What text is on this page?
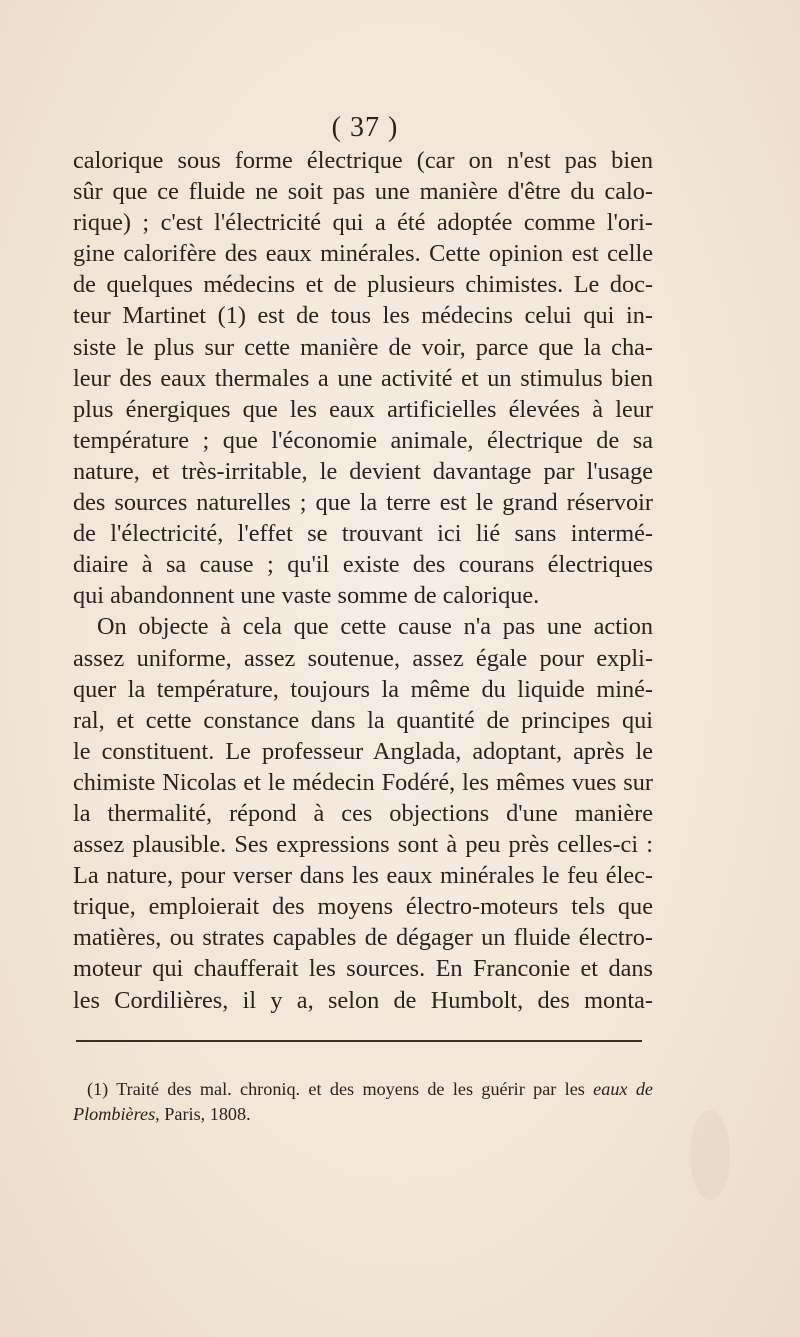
( 37 )
calorique sous forme électrique (car on n'est pas bien
sûr que ce fluide ne soit pas une manière d'être du calo-
rique) ; c'est l'électricité qui a été adoptée comme l'ori-
gine calorifère des eaux minérales. Cette opinion est celle
de quelques médecins et de plusieurs chimistes. Le doc-
teur Martinet (1) est de tous les médecins celui qui in-
siste le plus sur cette manière de voir, parce que la cha-
leur des eaux thermales a une activité et un stimulus bien
plus énergiques que les eaux artificielles élevées à leur
température ; que l'économie animale, électrique de sa
nature, et très-irritable, le devient davantage par l'usage
des sources naturelles ; que la terre est le grand réservoir
de l'électricité, l'effet se trouvant ici lié sans intermé-
diaire à sa cause ; qu'il existe des courans électriques
qui abandonnent une vaste somme de calorique.
On objecte à cela que cette cause n'a pas une action
assez uniforme, assez soutenue, assez égale pour expli-
quer la température, toujours la même du liquide miné-
ral, et cette constance dans la quantité de principes qui
le constituent. Le professeur Anglada, adoptant, après le
chimiste Nicolas et le médecin Fodéré, les mêmes vues sur
la thermalité, répond à ces objections d'une manière
assez plausible. Ses expressions sont à peu près celles-ci :
La nature, pour verser dans les eaux minérales le feu élec-
trique, emploierait des moyens électro-moteurs tels que
matières, ou strates capables de dégager un fluide électro-
moteur qui chaufferait les sources. En Franconie et dans
les Cordilières, il y a, selon de Humbolt, des monta-
(1) Traité des mal. chroniq. et des moyens de les guérir par les eaux de
Plombières, Paris, 1808.
